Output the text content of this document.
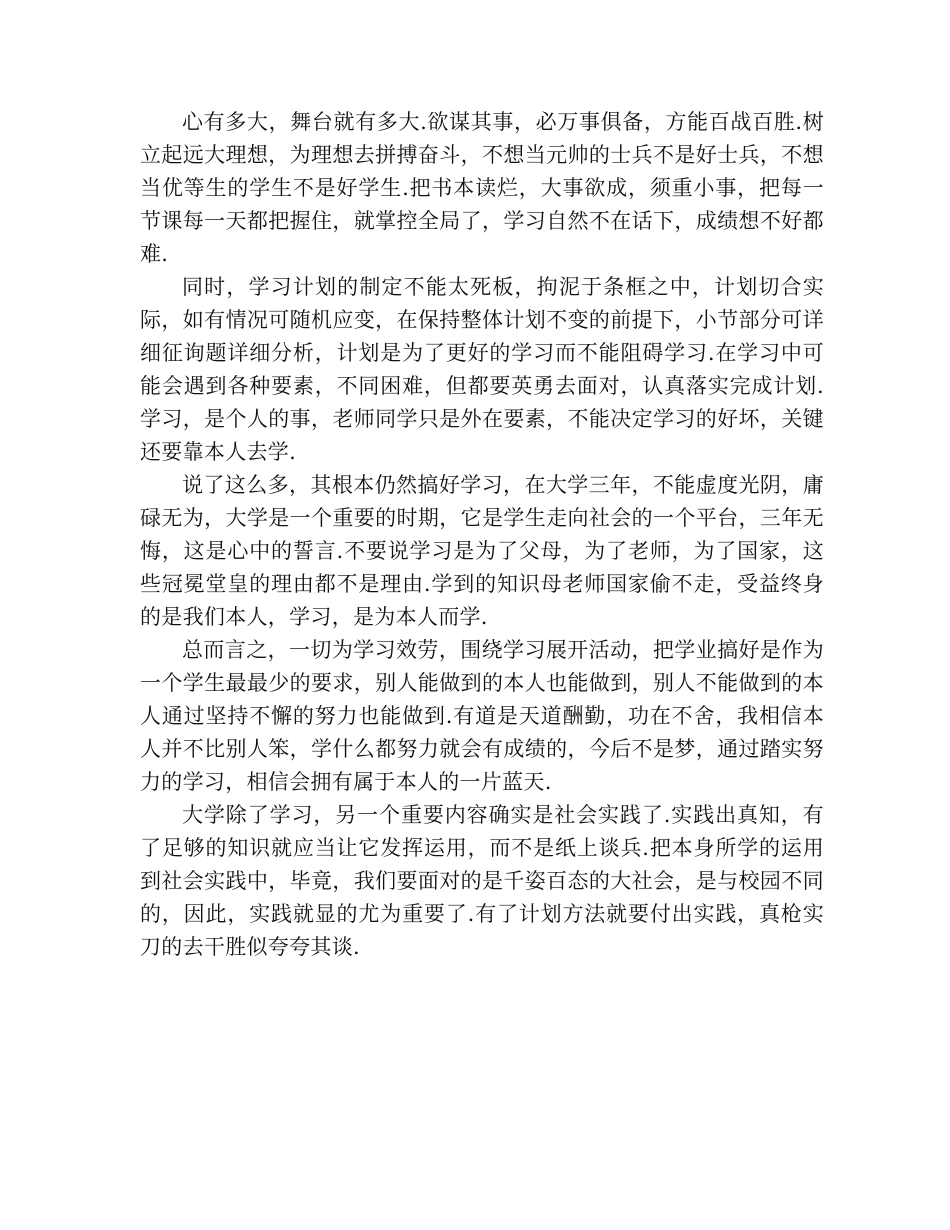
心有多大，舞台就有多大.欲谋其事，必万事俱备，方能百战百胜.树立起远大理想，为理想去拼搏奋斗，不想当元帅的士兵不是好士兵，不想当优等生的学生不是好学生.把书本读烂，大事欲成，须重小事，把每一节课每一天都把握住，就掌控全局了，学习自然不在话下，成绩想不好都难.

同时，学习计划的制定不能太死板，拘泥于条框之中，计划切合实际，如有情况可随机应变，在保持整体计划不变的前提下，小节部分可详细征询题详细分析，计划是为了更好的学习而不能阻碍学习.在学习中可能会遇到各种要素，不同困难，但都要英勇去面对，认真落实完成计划.学习，是个人的事，老师同学只是外在要素，不能决定学习的好坏，关键还要靠本人去学.

说了这么多，其根本仍然搞好学习，在大学三年，不能虚度光阴，庸碌无为，大学是一个重要的时期，它是学生走向社会的一个平台，三年无悔，这是心中的誓言.不要说学习是为了父母，为了老师，为了国家，这些冠冕堂皇的理由都不是理由.学到的知识母老师国家偷不走，受益终身的是我们本人，学习，是为本人而学.

总而言之，一切为学习效劳，围绕学习展开活动，把学业搞好是作为一个学生最最少的要求，别人能做到的本人也能做到，别人不能做到的本人通过坚持不懈的努力也能做到.有道是天道酬勤，功在不舍，我相信本人并不比别人笨，学什么都努力就会有成绩的，今后不是梦，通过踏实努力的学习，相信会拥有属于本人的一片蓝天.

大学除了学习，另一个重要内容确实是社会实践了.实践出真知，有了足够的知识就应当让它发挥运用，而不是纸上谈兵.把本身所学的运用到社会实践中，毕竟，我们要面对的是千姿百态的大社会，是与校园不同的，因此，实践就显的尤为重要了.有了计划方法就要付出实践，真枪实刀的去干胜似夸夸其谈.
